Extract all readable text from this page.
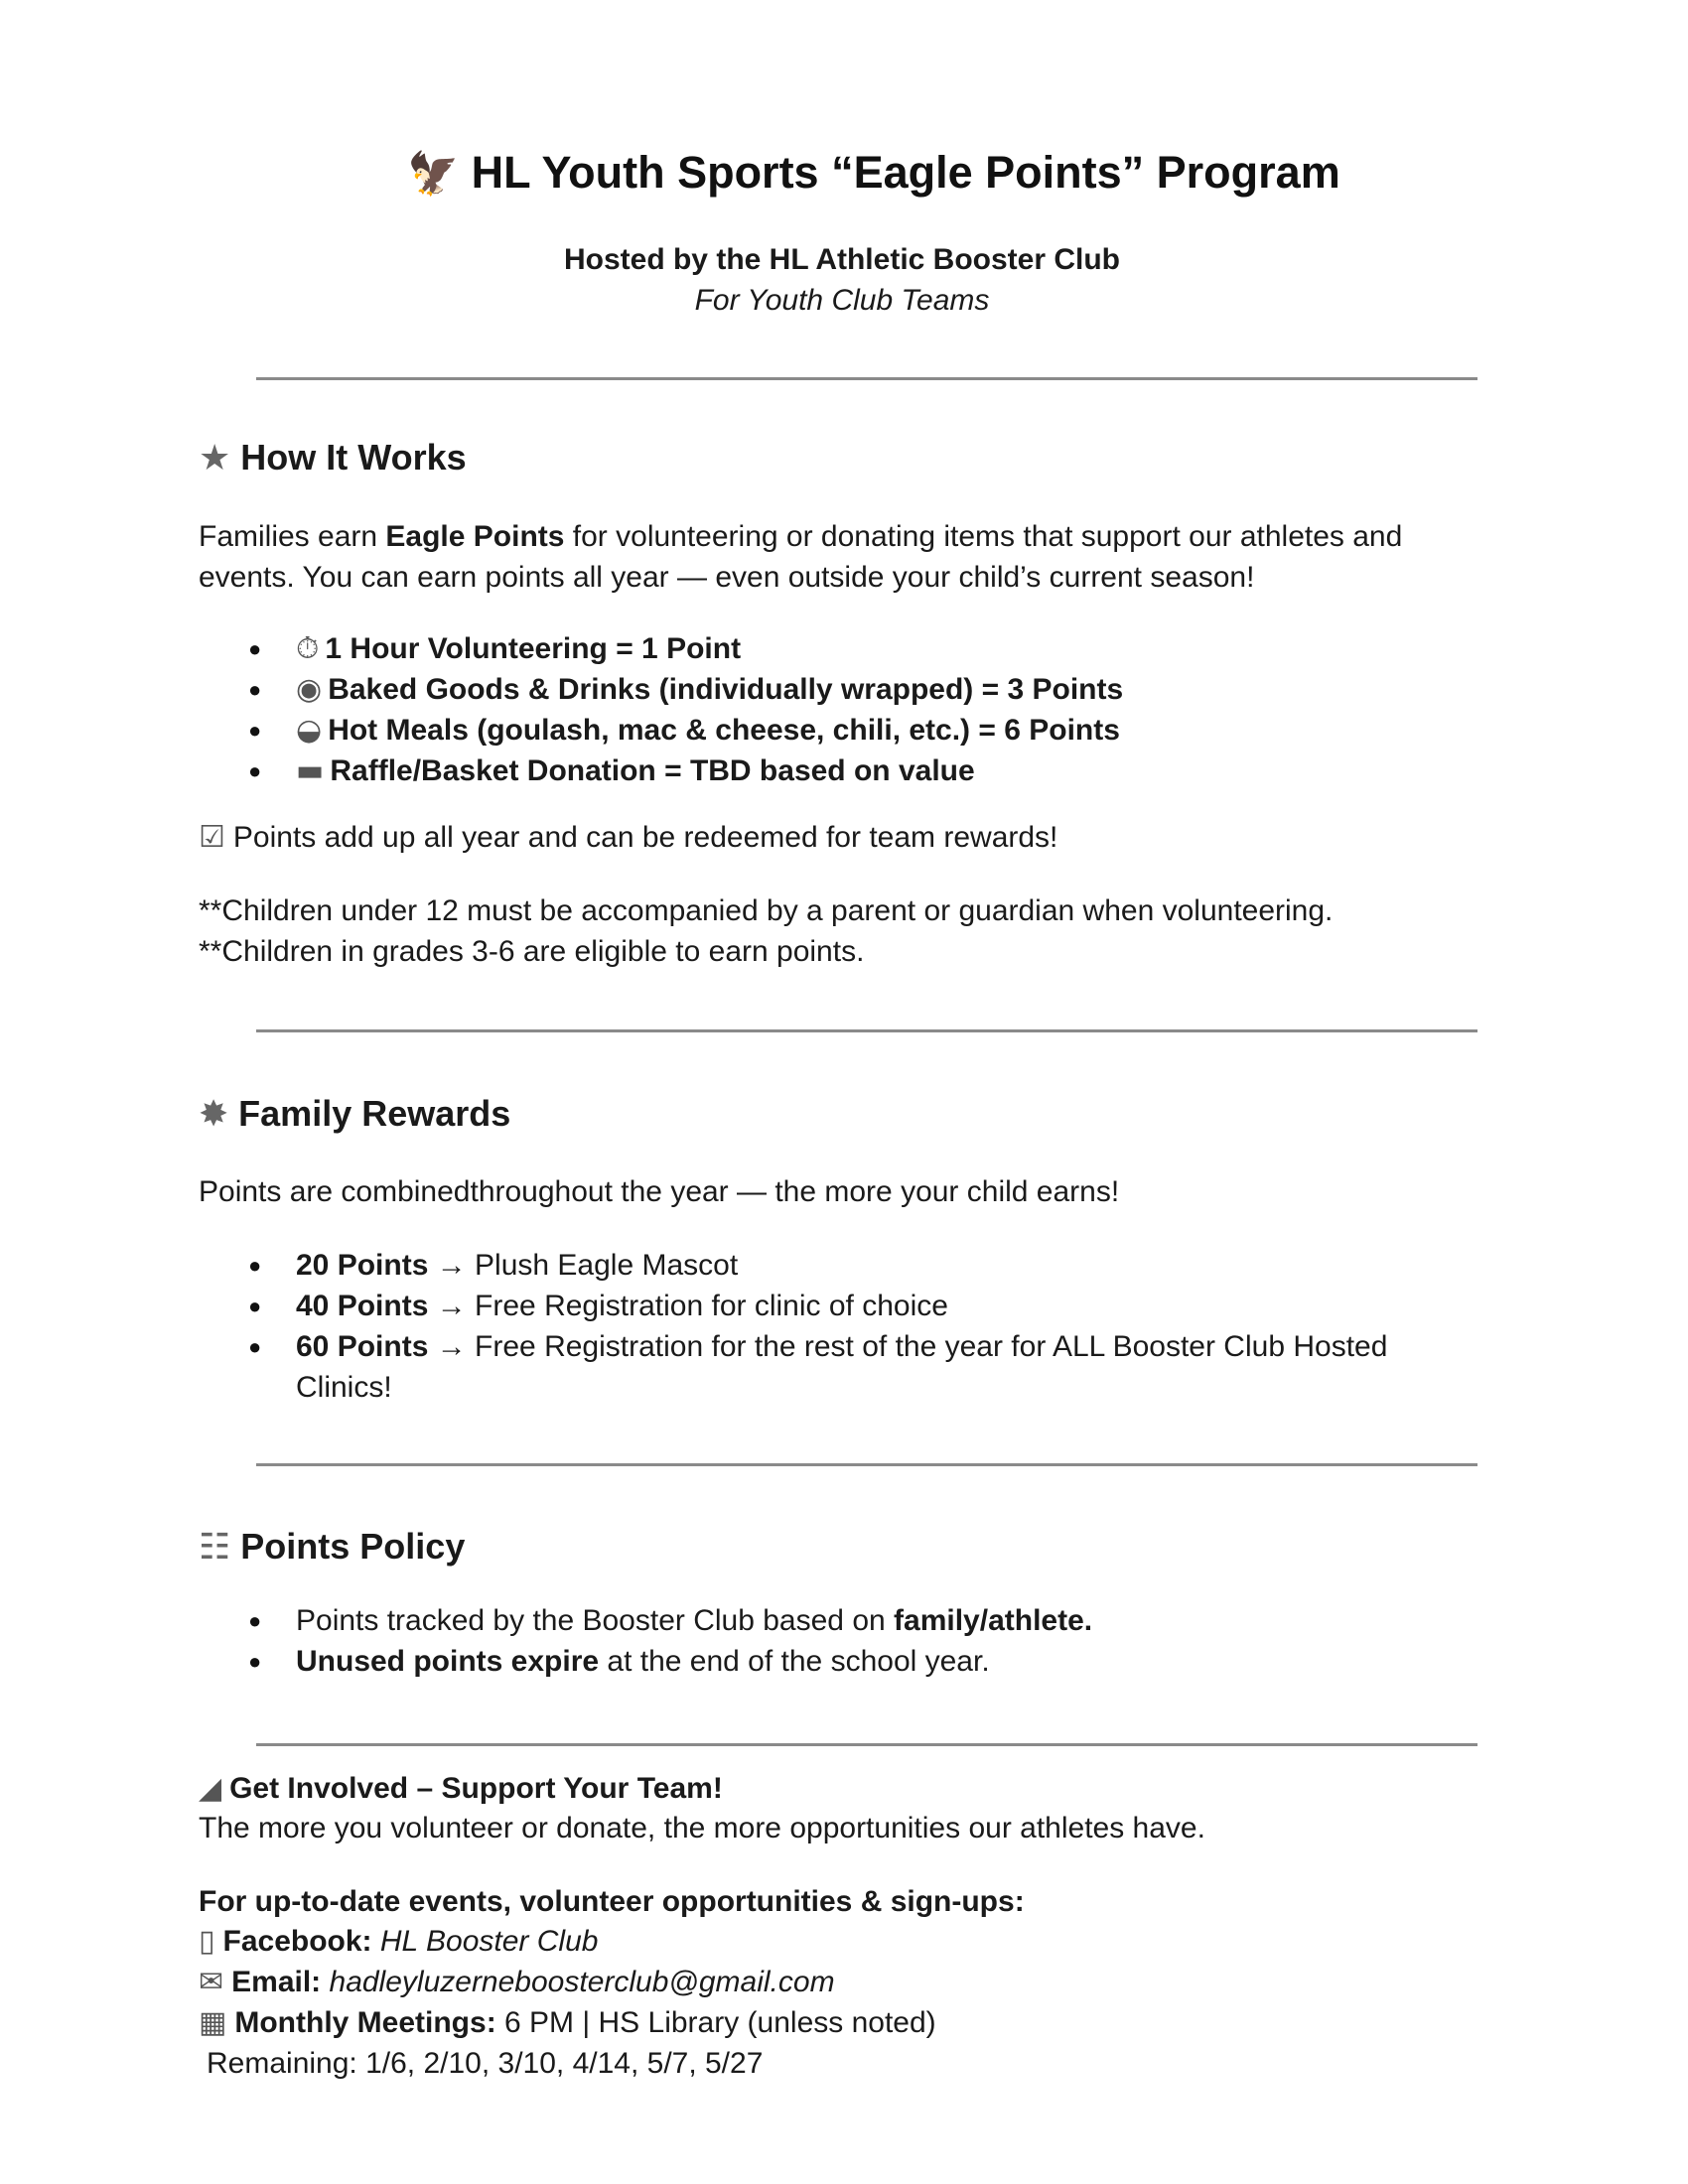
🦅 HL Youth Sports “Eagle Points” Program
Hosted by the HL Athletic Booster Club
For Youth Club Teams
★ How It Works
Families earn Eagle Points for volunteering or donating items that support our athletes and events. You can earn points all year — even outside your child’s current season!
● ⏱ 1 Hour Volunteering = 1 Point
● ◉ Baked Goods & Drinks (individually wrapped) = 3 Points
● ◒ Hot Meals (goulash, mac & cheese, chili, etc.) = 6 Points
● ▬ Raffle/Basket Donation = TBD based on value
☑ Points add up all year and can be redeemed for team rewards!
**Children under 12 must be accompanied by a parent or guardian when volunteering.
**Children in grades 3-6 are eligible to earn points.
✸ Family Rewards
Points are combinedthroughout the year — the more your child earns!
● 20 Points → Plush Eagle Mascot
● 40 Points → Free Registration for clinic of choice
● 60 Points → Free Registration for the rest of the year for ALL Booster Club Hosted Clinics!
☷ Points Policy
● Points tracked by the Booster Club based on family/athlete.
● Unused points expire at the end of the school year.
◢ Get Involved – Support Your Team!
The more you volunteer or donate, the more opportunities our athletes have.
For up-to-date events, volunteer opportunities & sign-ups:
▯ Facebook: HL Booster Club
✉ Email: hadleyluzerneboosterclub@gmail.com
▦ Monthly Meetings: 6 PM | HS Library (unless noted)
Remaining: 1/6, 2/10, 3/10, 4/14, 5/7, 5/27
